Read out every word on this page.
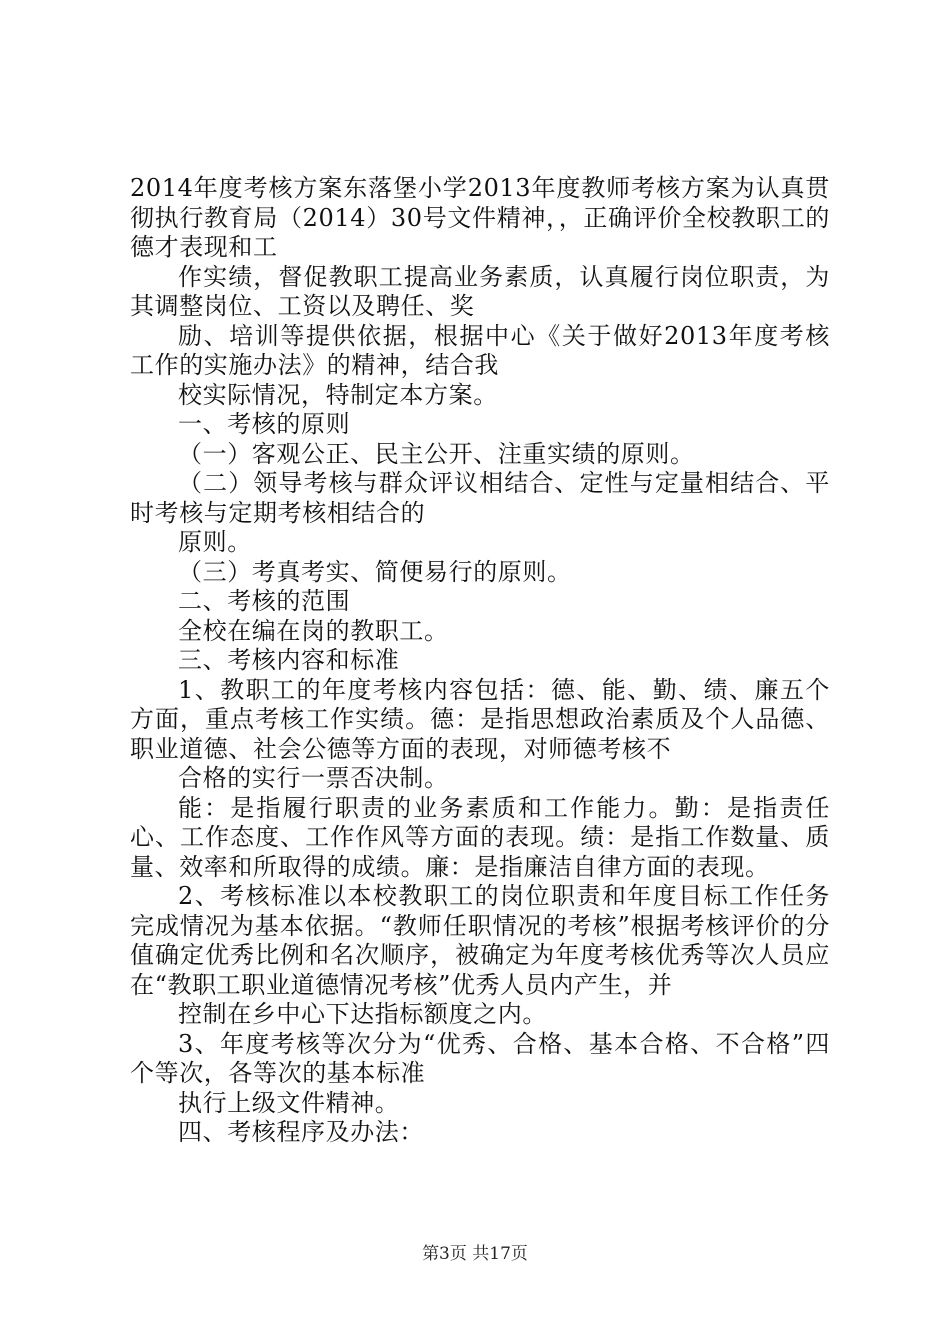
2014年度考核方案东落堡小学2013年度教师考核方案为认真贯彻执行教育局（2014）30号文件精神，，正确评价全校教职工的德才表现和工

作实绩，督促教职工提高业务素质，认真履行岗位职责，为其调整岗位、工资以及聘任、奖

励、培训等提供依据，根据中心《关于做好2013年度考核工作的实施办法》的精神，结合我

校实际情况，特制定本方案。

一、考核的原则

（一）客观公正、民主公开、注重实绩的原则。

（二）领导考核与群众评议相结合、定性与定量相结合、平时考核与定期考核相结合的

原则。

（三）考真考实、简便易行的原则。

二、考核的范围

全校在编在岗的教职工。

三、考核内容和标准

1、教职工的年度考核内容包括：德、能、勤、绩、廉五个方面，重点考核工作实绩。德：是指思想政治素质及个人品德、职业道德、社会公德等方面的表现，对师德考核不

合格的实行一票否决制。

能：是指履行职责的业务素质和工作能力。勤：是指责任心、工作态度、工作作风等方面的表现。绩：是指工作数量、质量、效率和所取得的成绩。廉：是指廉洁自律方面的表现。

2、考核标准以本校教职工的岗位职责和年度目标工作任务完成情况为基本依据。“教师任职情况的考核”根据考核评价的分值确定优秀比例和名次顺序，被确定为年度考核优秀等次人员应在“教职工职业道德情况考核”优秀人员内产生，并

控制在乡中心下达指标额度之内。

3、年度考核等次分为“优秀、合格、基本合格、不合格”四个等次，各等次的基本标准

执行上级文件精神。

四、考核程序及办法：

第3页 共17页
